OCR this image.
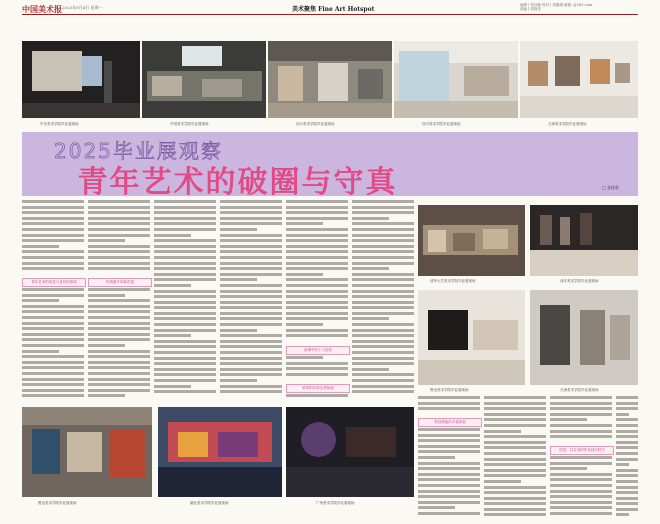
中国美术报 2025年8月4日 星期一	美术聚焦 Fine Art Hotspot
编辑 | 郑诗薇 校对 | 刘娟娟 邮箱: @163.com
美编 | 张晓龙
中央美术学院毕业展现场	中国美术学院毕业展现场	四川美术学院毕业展现场	四川美术学院毕业展现场	天津美术学院毕业展现场
2025毕业展观察
青年艺术的破圈与守真	□ 张桂彩
青年艺术的视觉与身份的探索	传统媒介的新语境
叙事中的个人经验
跨界的学科边界拓展
科技赋能的多重探索
结语：以自身的作品回应时代
清华大学美术学院毕业展现场	西安美术学院毕业展现场
鲁迅美术学院毕业展现场	天津美术学院毕业展现场
鲁迅美术学院毕业展现场	湖北美术学院毕业展现场	广州美术学院毕业展现场
